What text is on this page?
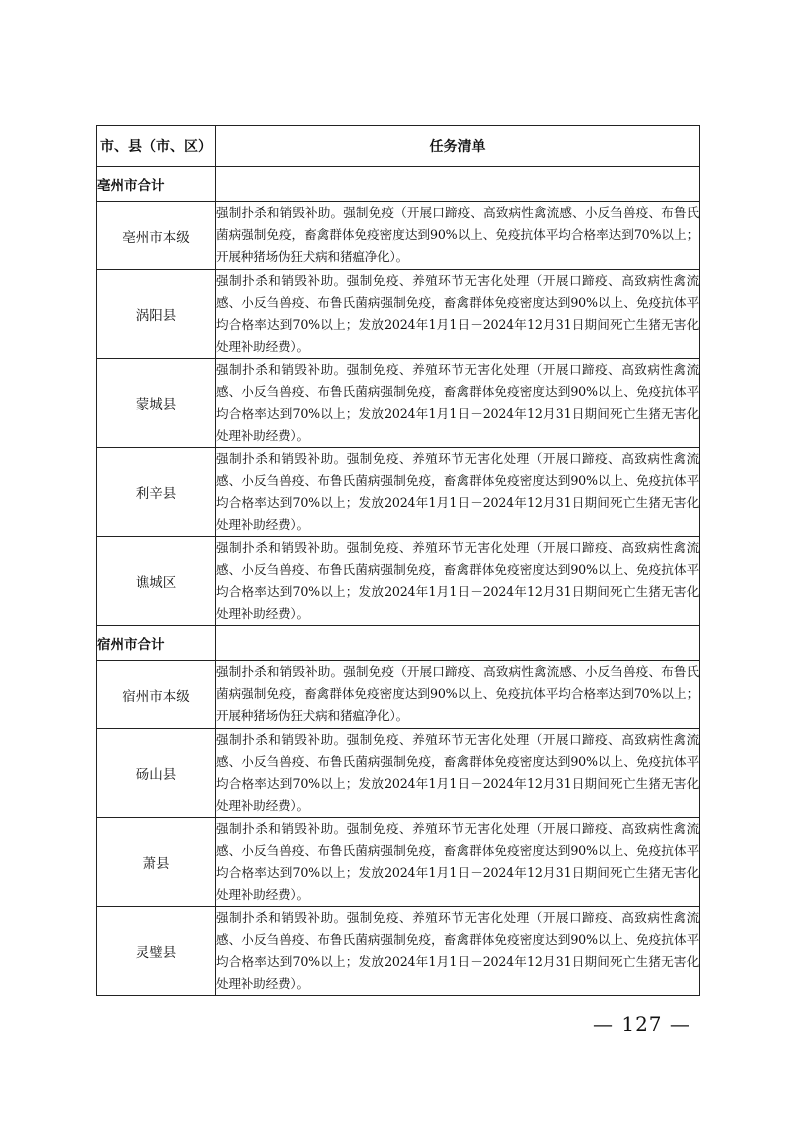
市、县（市、区）	任务清单
亳州市合计	
亳州市本级	强制扑杀和销毁补助。强制免疫（开展口蹄疫、高致病性禽流感、小反刍兽疫、布鲁氏菌病强制免疫，畜禽群体免疫密度达到90%以上、免疫抗体平均合格率达到70%以上；开展种猪场伪狂犬病和猪瘟净化）。
涡阳县	强制扑杀和销毁补助。强制免疫、养殖环节无害化处理（开展口蹄疫、高致病性禽流感、小反刍兽疫、布鲁氏菌病强制免疫，畜禽群体免疫密度达到90%以上、免疫抗体平均合格率达到70%以上；发放2024年1月1日－2024年12月31日期间死亡生猪无害化处理补助经费）。
蒙城县	强制扑杀和销毁补助。强制免疫、养殖环节无害化处理（开展口蹄疫、高致病性禽流感、小反刍兽疫、布鲁氏菌病强制免疫，畜禽群体免疫密度达到90%以上、免疫抗体平均合格率达到70%以上；发放2024年1月1日－2024年12月31日期间死亡生猪无害化处理补助经费）。
利辛县	强制扑杀和销毁补助。强制免疫、养殖环节无害化处理（开展口蹄疫、高致病性禽流感、小反刍兽疫、布鲁氏菌病强制免疫，畜禽群体免疫密度达到90%以上、免疫抗体平均合格率达到70%以上；发放2024年1月1日－2024年12月31日期间死亡生猪无害化处理补助经费）。
谯城区	强制扑杀和销毁补助。强制免疫、养殖环节无害化处理（开展口蹄疫、高致病性禽流感、小反刍兽疫、布鲁氏菌病强制免疫，畜禽群体免疫密度达到90%以上、免疫抗体平均合格率达到70%以上；发放2024年1月1日－2024年12月31日期间死亡生猪无害化处理补助经费）。
宿州市合计	
宿州市本级	强制扑杀和销毁补助。强制免疫（开展口蹄疫、高致病性禽流感、小反刍兽疫、布鲁氏菌病强制免疫，畜禽群体免疫密度达到90%以上、免疫抗体平均合格率达到70%以上；开展种猪场伪狂犬病和猪瘟净化）。
砀山县	强制扑杀和销毁补助。强制免疫、养殖环节无害化处理（开展口蹄疫、高致病性禽流感、小反刍兽疫、布鲁氏菌病强制免疫，畜禽群体免疫密度达到90%以上、免疫抗体平均合格率达到70%以上；发放2024年1月1日－2024年12月31日期间死亡生猪无害化处理补助经费）。
萧县	强制扑杀和销毁补助。强制免疫、养殖环节无害化处理（开展口蹄疫、高致病性禽流感、小反刍兽疫、布鲁氏菌病强制免疫，畜禽群体免疫密度达到90%以上、免疫抗体平均合格率达到70%以上；发放2024年1月1日－2024年12月31日期间死亡生猪无害化处理补助经费）。
灵璧县	强制扑杀和销毁补助。强制免疫、养殖环节无害化处理（开展口蹄疫、高致病性禽流感、小反刍兽疫、布鲁氏菌病强制免疫，畜禽群体免疫密度达到90%以上、免疫抗体平均合格率达到70%以上；发放2024年1月1日－2024年12月31日期间死亡生猪无害化处理补助经费）。
— 127 —
